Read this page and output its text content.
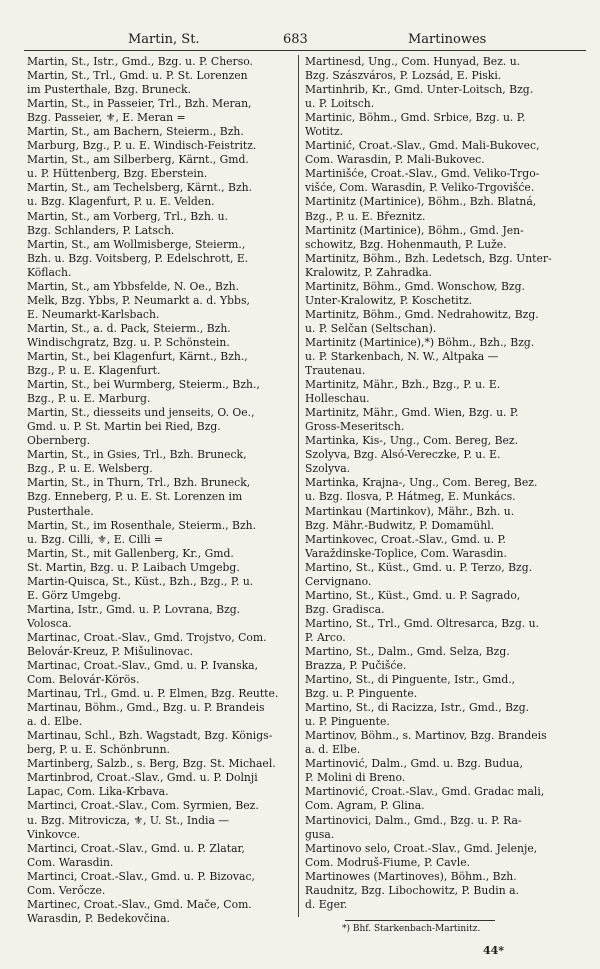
Martin, St.	683	Martinowes
Martin, St., Istr., Gmd., Bzg. u. P. Cherso.
Martin, St., Trl., Gmd. u. P. St. Lorenzen
im Pusterthale, Bzg. Bruneck.
Martin, St., in Passeier, Trl., Bzh. Meran,
Bzg. Passeier, ⚜, E. Meran =
Martin, St., am Bachern, Steierm., Bzh.
Marburg, Bzg., P. u. E. Windisch-Feistritz.
Martin, St., am Silberberg, Kärnt., Gmd.
u. P. Hüttenberg, Bzg. Eberstein.
Martin, St., am Techelsberg, Kärnt., Bzh.
u. Bzg. Klagenfurt, P. u. E. Velden.
Martin, St., am Vorberg, Trl., Bzh. u.
Bzg. Schlanders, P. Latsch.
Martin, St., am Wollmisberge, Steierm.,
Bzh. u. Bzg. Voitsberg, P. Edelschrott, E.
Köflach.
Martin, St., am Ybbsfelde, N. Oe., Bzh.
Melk, Bzg. Ybbs, P. Neumarkt a. d. Ybbs,
E. Neumarkt-Karlsbach.
Martin, St., a. d. Pack, Steierm., Bzh.
Windischgratz, Bzg. u. P. Schönstein.
Martin, St., bei Klagenfurt, Kärnt., Bzh.,
Bzg., P. u. E. Klagenfurt.
Martin, St., bei Wurmberg, Steierm., Bzh.,
Bzg., P. u. E. Marburg.
Martin, St., diesseits und jenseits, O. Oe.,
Gmd. u. P. St. Martin bei Ried, Bzg.
Obernberg.
Martin, St., in Gsies, Trl., Bzh. Bruneck,
Bzg., P. u. E. Welsberg.
Martin, St., in Thurn, Trl., Bzh. Bruneck,
Bzg. Enneberg, P. u. E. St. Lorenzen im
Pusterthale.
Martin, St., im Rosenthale, Steierm., Bzh.
u. Bzg. Cilli, ⚜, E. Cilli =
Martin, St., mit Gallenberg, Kr., Gmd.
St. Martin, Bzg. u. P. Laibach Umgebg.
Martin-Quisca, St., Küst., Bzh., Bzg., P. u.
E. Görz Umgebg.
Martina, Istr., Gmd. u. P. Lovrana, Bzg.
Volosca.
Martinac, Croat.-Slav., Gmd. Trojstvo, Com.
Belovár-Kreuz, P. Mišulinovac.
Martinac, Croat.-Slav., Gmd. u. P. Ivanska,
Com. Belovár-Körös.
Martinau, Trl., Gmd. u. P. Elmen, Bzg. Reutte.
Martinau, Böhm., Gmd., Bzg. u. P. Brandeis
a. d. Elbe.
Martinau, Schl., Bzh. Wagstadt, Bzg. Königs-
berg, P. u. E. Schönbrunn.
Martinberg, Salzb., s. Berg, Bzg. St. Michael.
Martinbrod, Croat.-Slav., Gmd. u. P. Dolnji
Lapac, Com. Lika-Krbava.
Martinci, Croat.-Slav., Com. Syrmien, Bez.
u. Bzg. Mitrovicza, ⚜, U. St., India —
Vinkovce.
Martinci, Croat.-Slav., Gmd. u. P. Zlatar,
Com. Warasdin.
Martinci, Croat.-Slav., Gmd. u. P. Bizovac,
Com. Verőcze.
Martinec, Croat.-Slav., Gmd. Mače, Com.
Warasdin, P. Bedekovčina.
Martinesd, Ung., Com. Hunyad, Bez. u.
Bzg. Szászváros, P. Lozsád, E. Piski.
Martinhrib, Kr., Gmd. Unter-Loitsch, Bzg.
u. P. Loitsch.
Martinic, Böhm., Gmd. Srbice, Bzg. u. P.
Wotitz.
Martinić, Croat.-Slav., Gmd. Mali-Bukovec,
Com. Warasdin, P. Mali-Bukovec.
Martinišće, Croat.-Slav., Gmd. Veliko-Trgo-
višće, Com. Warasdin, P. Veliko-Trgovišće.
Martinitz (Martinice), Böhm., Bzh. Blatná,
Bzg., P. u. E. Březnitz.
Martinitz (Martinice), Böhm., Gmd. Jen-
schowitz, Bzg. Hohenmauth, P. Luže.
Martinitz, Böhm., Bzh. Ledetsch, Bzg. Unter-
Kralowitz, P. Zahradka.
Martinitz, Böhm., Gmd. Wonschow, Bzg.
Unter-Kralowitz, P. Koschetitz.
Martinitz, Böhm., Gmd. Nedrahowitz, Bzg.
u. P. Selčan (Seltschan).
Martinitz (Martinice),*) Böhm., Bzh., Bzg.
u. P. Starkenbach, N. W., Altpaka —
Trautenau.
Martinitz, Mähr., Bzh., Bzg., P. u. E.
Holleschau.
Martinitz, Mähr., Gmd. Wien, Bzg. u. P.
Gross-Meseritsch.
Martinka, Kis-, Ung., Com. Bereg, Bez.
Szolyva, Bzg. Alsó-Vereczke, P. u. E.
Szolyva.
Martinka, Krajna-, Ung., Com. Bereg, Bez.
u. Bzg. Ilosva, P. Hátmeg, E. Munkács.
Martinkau (Martinkov), Mähr., Bzh. u.
Bzg. Mähr.-Budwitz, P. Domamühl.
Martinkovec, Croat.-Slav., Gmd. u. P.
Varaždinske-Toplice, Com. Warasdin.
Martino, St., Küst., Gmd. u. P. Terzo, Bzg.
Cervignano.
Martino, St., Küst., Gmd. u. P. Sagrado,
Bzg. Gradisca.
Martino, St., Trl., Gmd. Oltresarca, Bzg. u.
P. Arco.
Martino, St., Dalm., Gmd. Selza, Bzg.
Brazza, P. Pučišće.
Martino, St., di Pinguente, Istr., Gmd.,
Bzg. u. P. Pinguente.
Martino, St., di Racizza, Istr., Gmd., Bzg.
u. P. Pinguente.
Martinov, Böhm., s. Martinov, Bzg. Brandeis
a. d. Elbe.
Martinović, Dalm., Gmd. u. Bzg. Budua,
P. Molini di Breno.
Martinović, Croat.-Slav., Gmd. Gradac mali,
Com. Agram, P. Glina.
Martinovici, Dalm., Gmd., Bzg. u. P. Ra-
gusa.
Martinovo selo, Croat.-Slav., Gmd. Jelenje,
Com. Modruš-Fiume, P. Cavle.
Martinowes (Martinoves), Böhm., Bzh.
Raudnitz, Bzg. Libochowitz, P. Budin a.
d. Eger.
*) Bhf. Starkenbach-Martinitz.
44*
